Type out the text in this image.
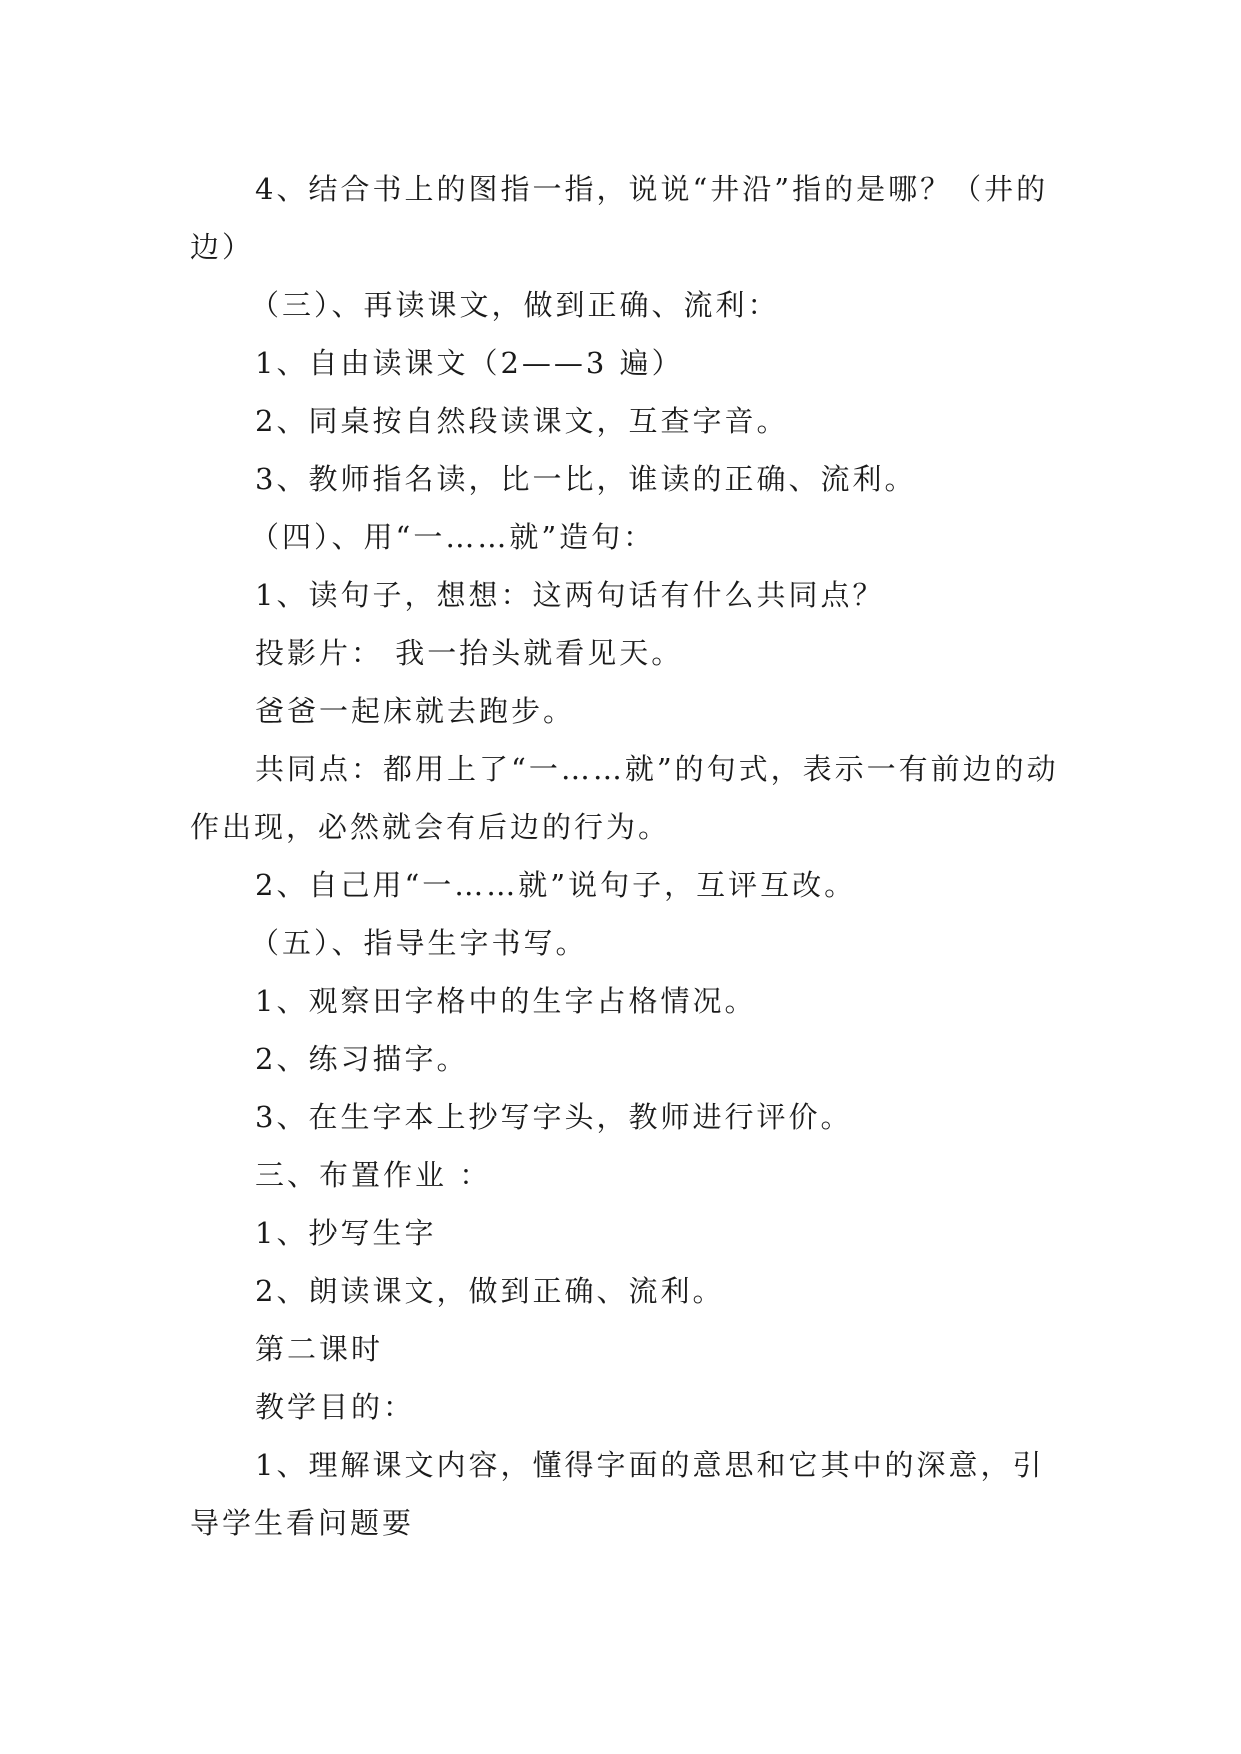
4、结合书上的图指一指，说说“井沿”指的是哪？（井的边）

（三）、再读课文，做到正确、流利：

1、自由读课文（2——3 遍）

2、同桌按自然段读课文，互查字音。

3、教师指名读，比一比，谁读的正确、流利。

（四）、用“一……就”造句：

1、读句子，想想：这两句话有什么共同点？

投影片： 我一抬头就看见天。

爸爸一起床就去跑步。

共同点：都用上了“一……就”的句式，表示一有前边的动作出现，必然就会有后边的行为。

2、自己用“一……就”说句子，互评互改。

（五）、指导生字书写。

1、观察田字格中的生字占格情况。

2、练习描字。

3、在生字本上抄写字头，教师进行评价。

三、布置作业 ：

1、抄写生字

2、朗读课文，做到正确、流利。

第二课时

教学目的：

1、理解课文内容，懂得字面的意思和它其中的深意，引导学生看问题要
